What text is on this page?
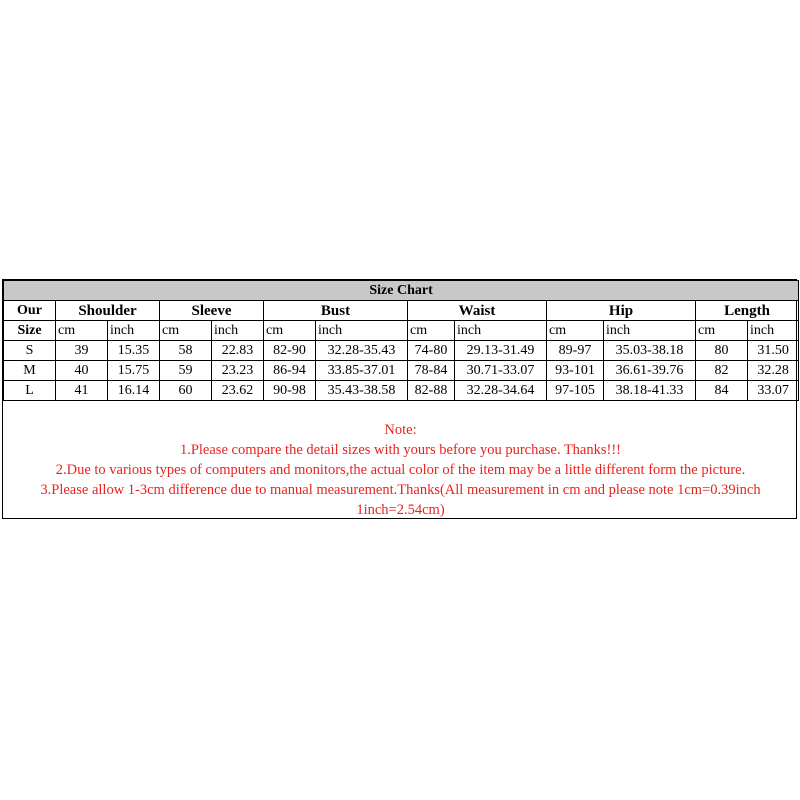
Size Chart												
Our	Shoulder		Sleeve		Bust		Waist		Hip		Length	
Size	cm	inch	cm	inch	cm	inch	cm	inch	cm	inch	cm	inch
S	39	15.35	58	22.83	82-90	32.28-35.43	74-80	29.13-31.49	89-97	35.03-38.18	80	31.50
M	40	15.75	59	23.23	86-94	33.85-37.01	78-84	30.71-33.07	93-101	36.61-39.76	82	32.28
L	41	16.14	60	23.62	90-98	35.43-38.58	82-88	32.28-34.64	97-105	38.18-41.33	84	33.07
Note:
1.Please compare the detail sizes with yours before you purchase. Thanks!!!
2.Due to various types of computers and monitors,the actual color of the item may be a little different form the picture.
3.Please allow 1-3cm difference due to manual measurement.Thanks(All measurement in cm and please note 1cm=0.39inch
1inch=2.54cm)
